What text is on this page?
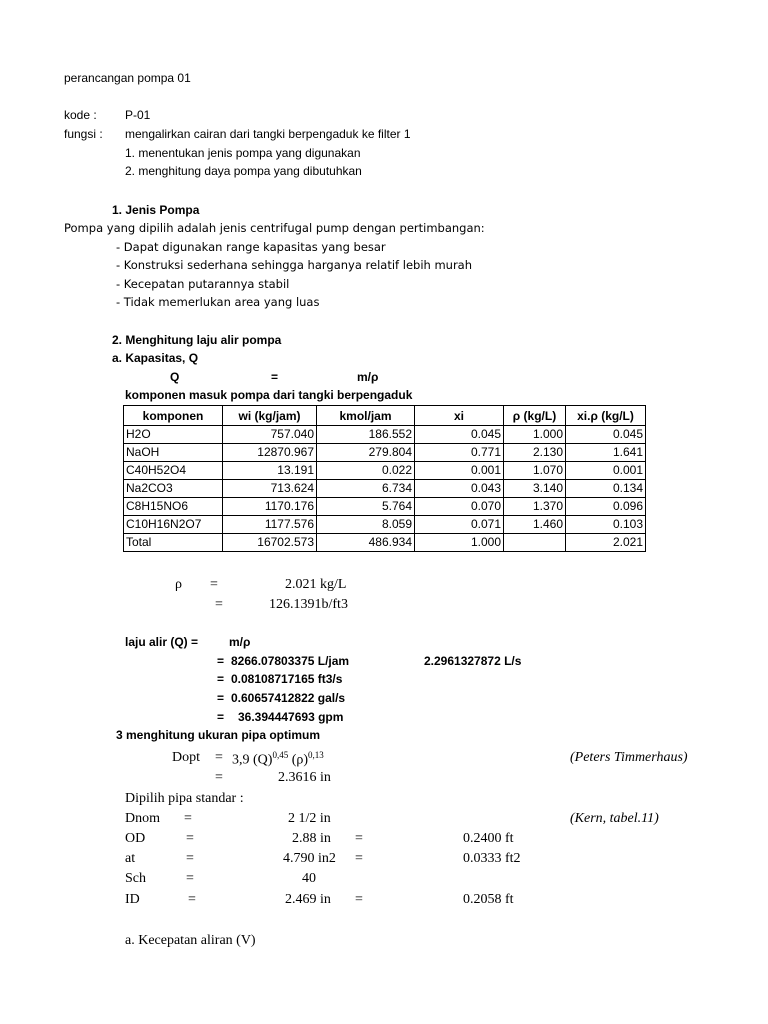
perancangan pompa 01
kode : P-01
fungsi : mengalirkan cairan dari tangki berpengaduk ke filter 1
1. menentukan jenis pompa yang digunakan
2. menghitung daya pompa yang dibutuhkan
1. Jenis Pompa
Pompa yang dipilih adalah jenis centrifugal pump dengan pertimbangan:
- Dapat digunakan range kapasitas yang besar
- Konstruksi sederhana sehingga harganya relatif lebih murah
- Kecepatan putarannya stabil
- Tidak memerlukan area yang luas
2. Menghitung laju alir pompa
a. Kapasitas, Q
Q	=	m/ρ
komponen masuk pompa dari tangki berpengaduk
komponen	wi (kg/jam)	kmol/jam	xi	ρ (kg/L)	xi.ρ (kg/L)
H2O	757.040	186.552	0.045	1.000	0.045
NaOH	12870.967	279.804	0.771	2.130	1.641
C40H52O4	13.191	0.022	0.001	1.070	0.001
Na2CO3	713.624	6.734	0.043	3.140	0.134
C8H15NO6	1170.176	5.764	0.070	1.370	0.096
C10H16N2O7	1177.576	8.059	0.071	1.460	0.103
Total	16702.573	486.934	1.000		2.021
ρ =	2.021 kg/L
=	126.1391b/ft3
laju alir (Q) =	m/ρ
= 8266.07803375 L/jam	2.2961327872 L/s
= 0.08108717165 ft3/s
= 0.60657412822 gal/s
= 36.394447693 gpm
3 menghitung ukuran pipa optimum
Dopt = 3,9 $(Q)^{0,45}$ $(\rho)^{0,13}$	(Peters Timmerhaus)
=	2.3616 in
Dipilih pipa standar :
(Kern, tabel.11)
Dnom =	2 1/2 in
OD	=	2.88 in =	0.2400 ft
at	=	4.790 in2 =	0.0333 ft2
Sch	=	40
ID	=	2.469 in =	0.2058 ft
a. Kecepatan aliran (V)
